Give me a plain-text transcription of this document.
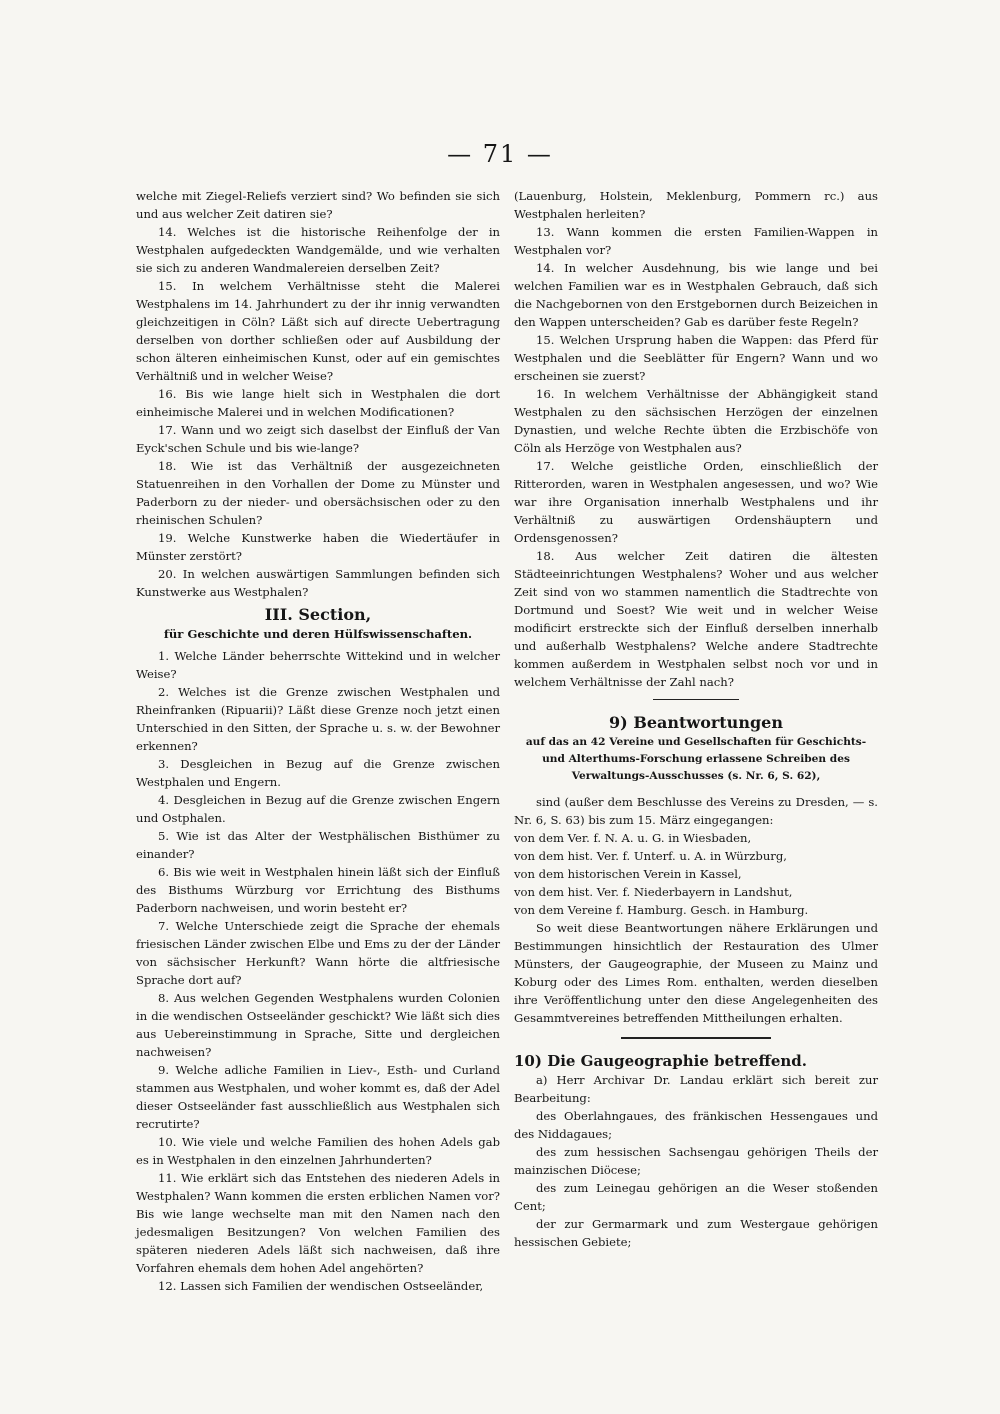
— 71 —

welche mit Ziegel-Reliefs verziert sind? Wo befinden sie sich und aus welcher Zeit datiren sie?

14. Welches ist die historische Reihenfolge der in Westphalen aufgedeckten Wandgemälde, und wie verhalten sie sich zu anderen Wandmalereien derselben Zeit?

15. In welchem Verhältnisse steht die Malerei Westphalens im 14. Jahrhundert zu der ihr innig verwandten gleichzeitigen in Cöln? Läßt sich auf directe Uebertragung derselben von dorther schließen oder auf Ausbildung der schon älteren einheimischen Kunst, oder auf ein gemischtes Verhältniß und in welcher Weise?

16. Bis wie lange hielt sich in Westphalen die dort einheimische Malerei und in welchen Modificationen?

17. Wann und wo zeigt sich daselbst der Einfluß der Van Eyck'schen Schule und bis wie-lange?

18. Wie ist das Verhältniß der ausgezeichneten Statuenreihen in den Vorhallen der Dome zu Münster und Paderborn zu der nieder- und obersächsischen oder zu den rheinischen Schulen?

19. Welche Kunstwerke haben die Wiedertäufer in Münster zerstört?

20. In welchen auswärtigen Sammlungen befinden sich Kunstwerke aus Westphalen?

III. Section,
für Geschichte und deren Hülfswissenschaften.

1. Welche Länder beherrschte Wittekind und in welcher Weise?

2. Welches ist die Grenze zwischen Westphalen und Rheinfranken (Ripuarii)? Läßt diese Grenze noch jetzt einen Unterschied in den Sitten, der Sprache u. s. w. der Bewohner erkennen?

3. Desgleichen in Bezug auf die Grenze zwischen Westphalen und Engern.

4. Desgleichen in Bezug auf die Grenze zwischen Engern und Ostphalen.

5. Wie ist das Alter der Westphälischen Bisthümer zu einander?

6. Bis wie weit in Westphalen hinein läßt sich der Einfluß des Bisthums Würzburg vor Errichtung des Bisthums Paderborn nachweisen, und worin besteht er?

7. Welche Unterschiede zeigt die Sprache der ehemals friesischen Länder zwischen Elbe und Ems zu der der Länder von sächsischer Herkunft? Wann hörte die altfriesische Sprache dort auf?

8. Aus welchen Gegenden Westphalens wurden Colonien in die wendischen Ostseeländer geschickt? Wie läßt sich dies aus Uebereinstimmung in Sprache, Sitte und dergleichen nachweisen?

9. Welche adliche Familien in Liev-, Esth- und Curland stammen aus Westphalen, und woher kommt es, daß der Adel dieser Ostseeländer fast ausschließlich aus Westphalen sich recrutirte?

10. Wie viele und welche Familien des hohen Adels gab es in Westphalen in den einzelnen Jahrhunderten?

11. Wie erklärt sich das Entstehen des niederen Adels in Westphalen? Wann kommen die ersten erblichen Namen vor? Bis wie lange wechselte man mit den Namen nach den jedesmaligen Besitzungen? Von welchen Familien des späteren niederen Adels läßt sich nachweisen, daß ihre Vorfahren ehemals dem hohen Adel angehörten?

12. Lassen sich Familien der wendischen Ostseeländer,

(Lauenburg, Holstein, Meklenburg, Pommern rc.) aus Westphalen herleiten?

13. Wann kommen die ersten Familien-Wappen in Westphalen vor?

14. In welcher Ausdehnung, bis wie lange und bei welchen Familien war es in Westphalen Gebrauch, daß sich die Nachgebornen von den Erstgebornen durch Beizeichen in den Wappen unterscheiden? Gab es darüber feste Regeln?

15. Welchen Ursprung haben die Wappen: das Pferd für Westphalen und die Seeblätter für Engern? Wann und wo erscheinen sie zuerst?

16. In welchem Verhältnisse der Abhängigkeit stand Westphalen zu den sächsischen Herzögen der einzelnen Dynastien, und welche Rechte übten die Erzbischöfe von Cöln als Herzöge von Westphalen aus?

17. Welche geistliche Orden, einschließlich der Ritterorden, waren in Westphalen angesessen, und wo? Wie war ihre Organisation innerhalb Westphalens und ihr Verhältniß zu auswärtigen Ordenshäuptern und Ordensgenossen?

18. Aus welcher Zeit datiren die ältesten Städteeinrichtungen Westphalens? Woher und aus welcher Zeit sind von wo stammen namentlich die Stadtrechte von Dortmund und Soest? Wie weit und in welcher Weise modificirt erstreckte sich der Einfluß derselben innerhalb und außerhalb Westphalens? Welche andere Stadtrechte kommen außerdem in Westphalen selbst noch vor und in welchem Verhältnisse der Zahl nach?

9) Beantwortungen
auf das an 42 Vereine und Gesellschaften für Geschichts- und Alterthums-Forschung erlassene Schreiben des Verwaltungs-Ausschusses (s. Nr. 6, S. 62),

sind (außer dem Beschlusse des Vereins zu Dresden, — s. Nr. 6, S. 63) bis zum 15. März eingegangen:

von dem Ver. f. N. A. u. G. in Wiesbaden,

von dem hist. Ver. f. Unterf. u. A. in Würzburg,

von dem historischen Verein in Kassel,

von dem hist. Ver. f. Niederbayern in Landshut,

von dem Vereine f. Hamburg. Gesch. in Hamburg.

So weit diese Beantwortungen nähere Erklärungen und Bestimmungen hinsichtlich der Restauration des Ulmer Münsters, der Gaugeographie, der Museen zu Mainz und Koburg oder des Limes Rom. enthalten, werden dieselben ihre Veröffentlichung unter den diese Angelegenheiten des Gesammtvereines betreffenden Mittheilungen erhalten.

10) Die Gaugeographie betreffend.

a) Herr Archivar Dr. Landau erklärt sich bereit zur Bearbeitung:

des Oberlahngaues, des fränkischen Hessengaues und des Niddagaues;

des zum hessischen Sachsengau gehörigen Theils der mainzischen Diöcese;

des zum Leinegau gehörigen an die Weser stoßenden Cent;

der zur Germarmark und zum Westergaue gehörigen hessischen Gebiete;
